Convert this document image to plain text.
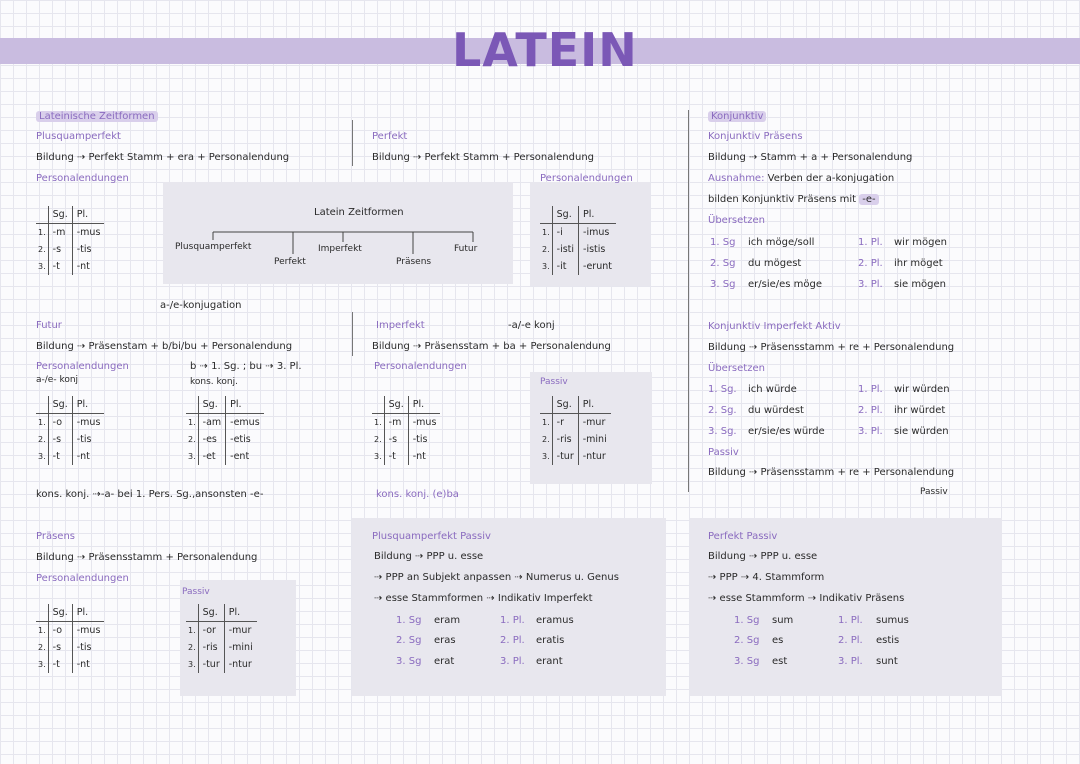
LATEIN
Lateinische Zeitformen
Plusquamperfekt
Bildung ⇢ Perfekt Stamm + era + Personalendung
Personalendungen
	Sg.	Pl.
1.	-m	-mus
2.	-s	-tis
3.	-t	-nt
Latein Zeitformen
Plusquamperfekt
Perfekt
Imperfekt
Präsens
Futur
a-/e-konjugation
Futur
Bildung ⇢ Präsenstam + b/bi/bu + Personalendung
Personalendungen	b ⇢ 1. Sg. ; bu ⇢ 3. Pl.
a-/e- konj	kons. konj.
	Sg.	Pl.
1.	-o	-mus
2.	-s	-tis
3.	-t	-nt
	Sg.	Pl.
1.	-am	-emus
2.	-es	-etis
3.	-et	-ent
kons. konj. ⇢-a- bei 1. Pers. Sg.,ansonsten -e-
Präsens
Bildung ⇢ Präsensstamm + Personalendung
Personalendungen
Passiv
	Sg.	Pl.
1.	-o	-mus
2.	-s	-tis
3.	-t	-nt
	Sg.	Pl.
1.	-or	-mur
2.	-ris	-mini
3.	-tur	-ntur
Perfekt
Bildung ⇢ Perfekt Stamm + Personalendung
Personalendungen
	Sg.	Pl.
1.	-i	-imus
2.	-isti	-istis
3.	-it	-erunt
Imperfekt	-a/-e konj
Bildung ⇢ Präsensstam + ba + Personalendung
Personalendungen
Passiv
	Sg.	Pl.
1.	-m	-mus
2.	-s	-tis
3.	-t	-nt
	Sg.	Pl.
1.	-r	-mur
2.	-ris	-mini
3.	-tur	-ntur
kons. konj. (e)ba
Plusquamperfekt Passiv
Bildung ⇢ PPP u. esse
⇢ PPP an Subjekt anpassen ⇢ Numerus u. Genus
⇢ esse Stammformen ⇢ Indikativ Imperfekt
1. Sg eram	1. Pl. eramus
2. Sg eras	2. Pl. eratis
3. Sg erat	3. Pl. erant
Konjunktiv
Konjunktiv Präsens
Bildung ⇢ Stamm + a + Personalendung
Ausnahme: Verben der a-konjugation
bilden Konjunktiv Präsens mit -e-
Übersetzen
1. Sg ich möge/soll	1. Pl. wir mögen
2. Sg du mögest	2. Pl. ihr möget
3. Sg er/sie/es möge	3. Pl. sie mögen
Konjunktiv Imperfekt Aktiv
Bildung ⇢ Präsensstamm + re + Personalendung
Übersetzen
1. Sg. ich würde	1. Pl. wir würden
2. Sg. du würdest	2. Pl. ihr würdet
3. Sg. er/sie/es würde	3. Pl. sie würden
Passiv
Bildung ⇢ Präsensstamm + re + Personalendung
Passiv
Perfekt Passiv
Bildung ⇢ PPP u. esse
⇢ PPP ⇢ 4. Stammform
⇢ esse Stammform ⇢ Indikativ Präsens
1. Sg sum	1. Pl. sumus
2. Sg es	2. Pl. estis
3. Sg est	3. Pl. sunt
